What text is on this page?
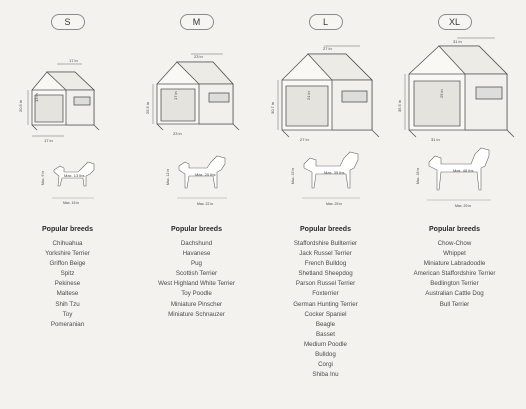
S
17 in
17 in
20.5 in
13 in
Max. 13 lbs
Max. 9 in
Max. 15 in
Popular breeds
Chihuahua
Yorkshire Terrier
Griffon Beige
Spitz
Pekinese
Maltese
Shih Tzu
Toy
Pomeranian
M
23 in
23 in
25.5 in
17 in
Max. 20 lbs
Max. 12 in
Max. 22 in
Popular breeds
Dachshund
Havanese
Pug
Scottish Terrier
West Highland White Terrier
Toy Poodle
Miniature Pinscher
Miniature Schnauzer
L
27 in
27 in
30.7 in
21 in
Max. 35 lbs
Max. 15 in
Max. 25 in
Popular breeds
Staffordshire Bullterrier
Jack Russel Terrier
French Bulldog
Shetland Sheepdog
Parson Russel Terrier
Foxterrier
German Hunting Terrier
Cocker Spaniel
Beagle
Basset
Medium Poodle
Bulldog
Corgi
Shiba Inu
XL
31 in
31 in
35.5 in
25 in
Max. 48 lbs
Max. 18 in
Max. 29 in
Popular breeds
Chow-Chow
Whippet
Miniature Labradoodle
American Staffordshire Terrier
Bedlington Terrier
Australian Cattle Dog
Bull Terrier
